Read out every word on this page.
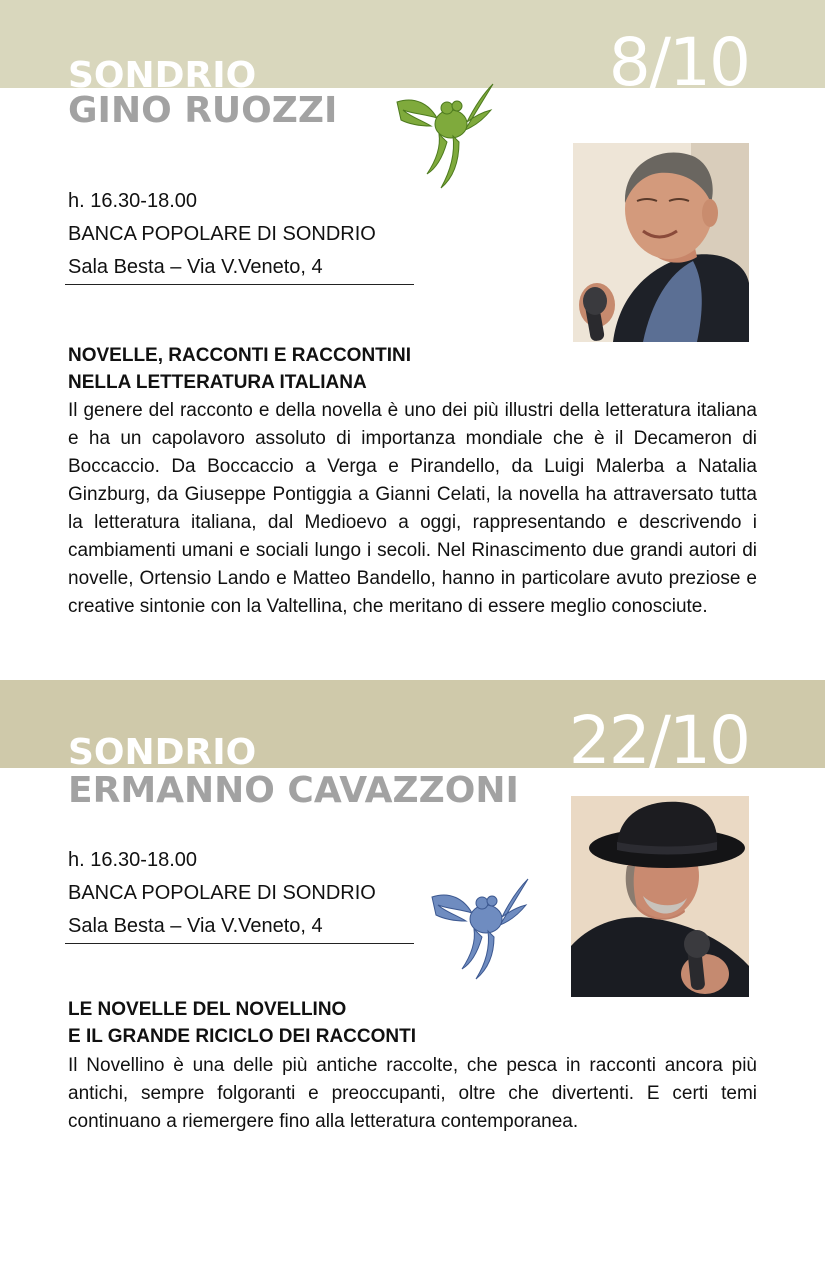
8/10
SONDRIO
GINO RUOZZI
h. 16.30-18.00
BANCA POPOLARE DI SONDRIO
Sala Besta – Via V.Veneto, 4
NOVELLE, RACCONTI E RACCONTINI
NELLA LETTERATURA ITALIANA
Il genere del racconto e della novella è uno dei più illustri della letteratura italiana e ha un capolavoro assoluto di importanza mondiale che è il Decameron di Boccaccio. Da Boccaccio a Verga e Pirandello, da Luigi Malerba a Natalia Ginzburg, da Giuseppe Pontiggia a Gianni Celati, la novella ha attraversato tutta la letteratura italiana, dal Medioevo a oggi, rappresentando e descrivendo i cambiamenti umani e sociali lungo i secoli. Nel Rinascimento due grandi autori di novelle, Ortensio Lando e Matteo Bandello, hanno in particolare avuto preziose e creative sintonie con la Valtellina, che meritano di essere meglio conosciute.
22/10
SONDRIO
ERMANNO CAVAZZONI
h. 16.30-18.00
BANCA POPOLARE DI SONDRIO
Sala Besta – Via V.Veneto, 4
LE NOVELLE DEL NOVELLINO
E IL GRANDE RICICLO DEI RACCONTI
Il Novellino è una delle più antiche raccolte, che pesca in racconti ancora più antichi, sempre folgoranti e preoccupanti, oltre che divertenti. E certi temi continuano a riemergere fino alla letteratura contemporanea.
